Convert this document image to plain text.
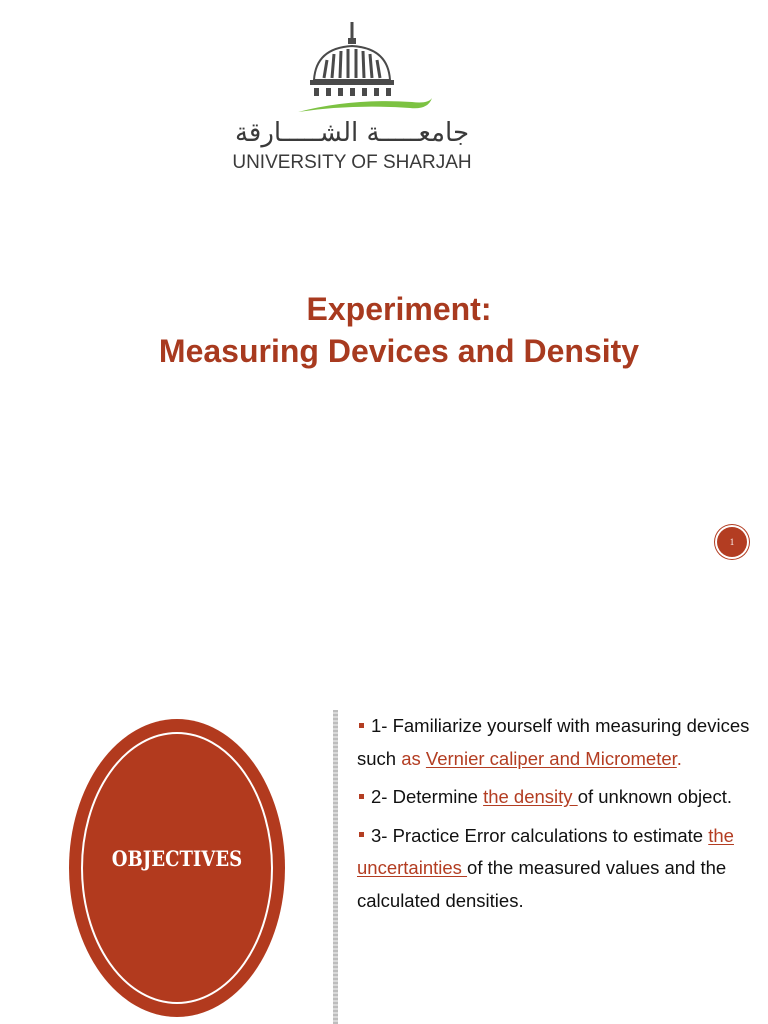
جامعـــــة الشـــــارقة
UNIVERSITY OF SHARJAH
Experiment:
Measuring Devices and Density
1
OBJECTIVES
1- Familiarize yourself with measuring devices such as Vernier caliper and Micrometer.
2- Determine the density of unknown object.
3- Practice Error calculations to estimate the uncertainties of the measured values and the calculated densities.
